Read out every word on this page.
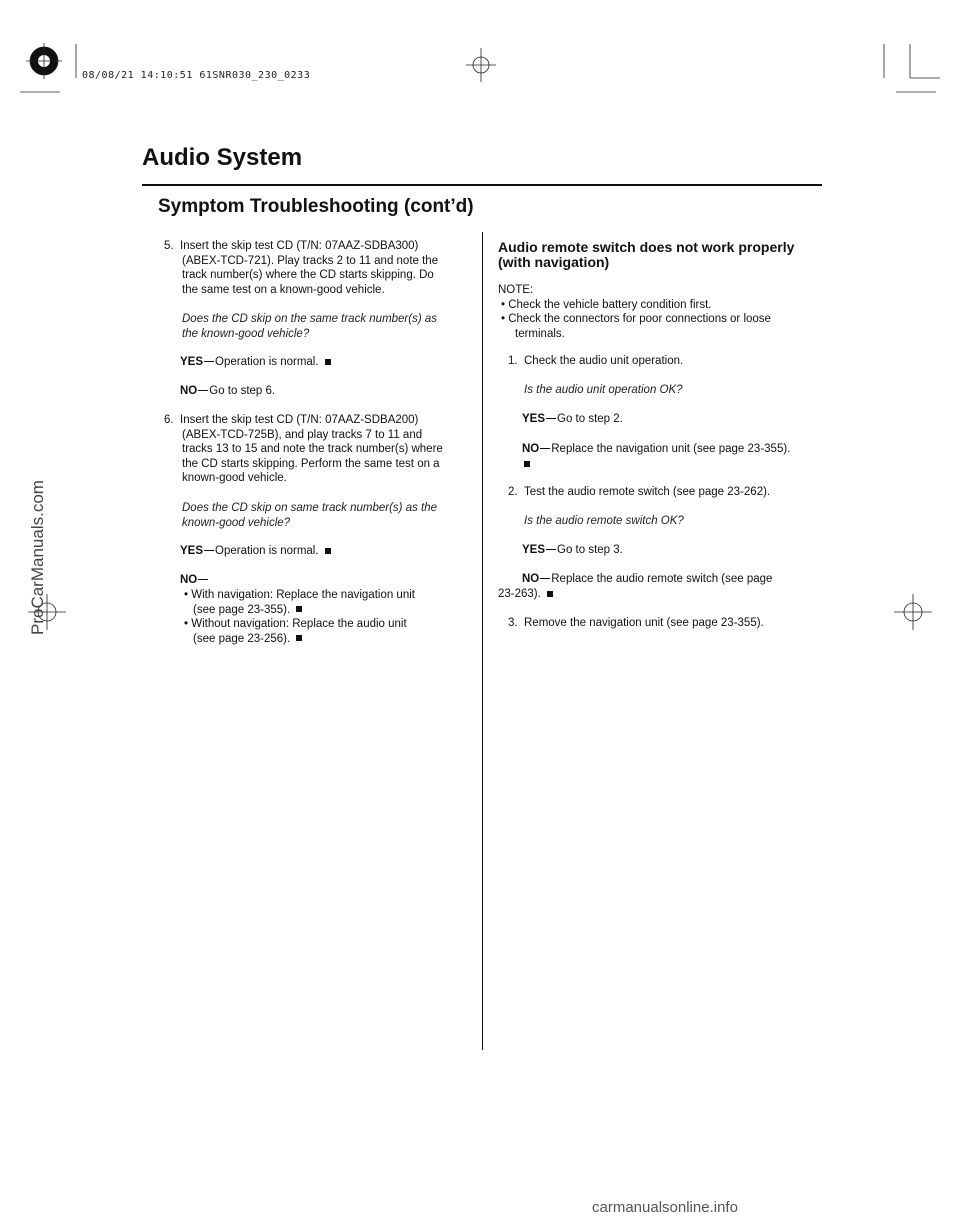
08/08/21 14:10:51 61SNR030_230_0233
Audio System
Symptom Troubleshooting (cont’d)

5. Insert the skip test CD (T/N: 07AAZ-SDBA300)

(ABEX-TCD-721). Play tracks 2 to 11 and note the

track number(s) where the CD starts skipping. Do

the same test on a known-good vehicle.

Does the CD skip on the same track number(s) as

the known-good vehicle?

YES Operation is normal.
NO Go to step 6.

6. Insert the skip test CD (T/N: 07AAZ-SDBA200)

(ABEX-TCD-725B), and play tracks 7 to 11 and

tracks 13 to 15 and note the track number(s) where

the CD starts skipping. Perform the same test on a

known-good vehicle.

Does the CD skip on same track number(s) as the

known-good vehicle?

YES Operation is normal.
NO

• With navigation: Replace the navigation unit

(see page 23-355).

• Without navigation: Replace the audio unit

(see page 23-256).

Audio remote switch does not work properly

(with navigation)

NOTE:

• Check the vehicle battery condition first.

• Check the connectors for poor connections or loose

terminals.

1. Check the audio unit operation.

Is the audio unit operation OK?

YES Go to step 2.
NO Replace the navigation unit (see page 23-355).
2. Test the audio remote switch (see page 23-262).

Is the audio remote switch OK?

YES Go to step 3.
NO Replace the audio remote switch (see page
23-263).
3. Remove the navigation unit (see page 23-355).
ProCarManuals.com
carmanualsonline.info
